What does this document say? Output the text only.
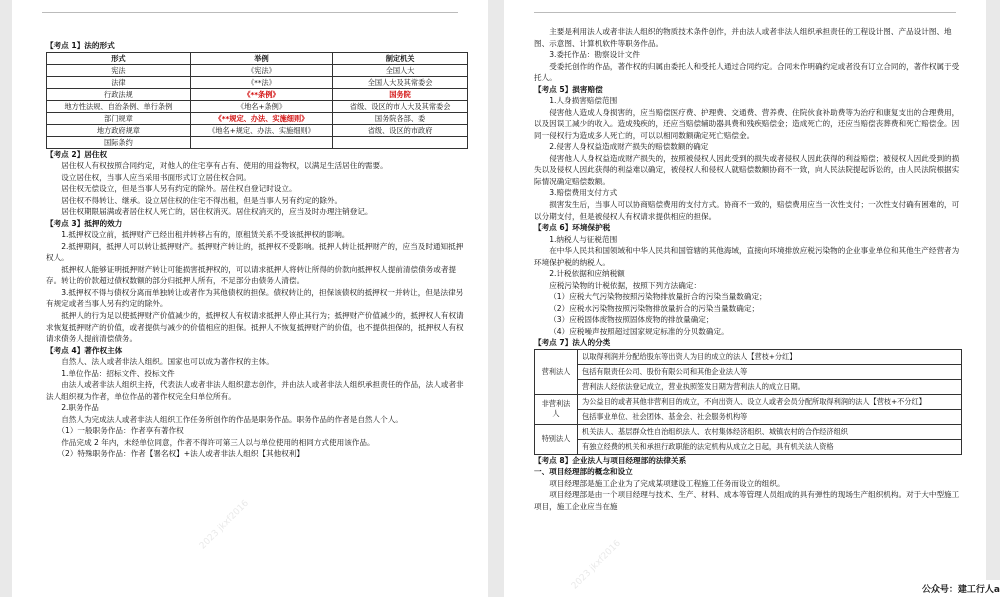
【考点 1】法的形式

形式	举例	制定机关
宪法	《宪法》	全国人大
法律	《**法》	全国人大及其常委会
行政法规	《**条例》	国务院
地方性法规、自治条例、单行条例	《地名+条例》	省级、设区的市人大及其常委会
部门规章	《**规定、办法、实施细则》	国务院各部、委
地方政府规章	《地名+规定、办法、实施细则》	省级、设区的市政府
国际条约		

【考点 2】居住权

居住权人有权按照合同约定，对他人的住宅享有占有、使用的用益物权，以满足生活居住的需要。

设立居住权，当事人应当采用书面形式订立居住权合同。

居住权无偿设立，但是当事人另有约定的除外。居住权自登记时设立。

居住权不得转让、继承。设立居住权的住宅不得出租，但是当事人另有约定的除外。

居住权期限届满或者居住权人死亡的，居住权消灭。居住权消灭的，应当及时办理注销登记。

【考点 3】抵押的效力

1.抵押权设立前，抵押财产已经出租并转移占有的，原租赁关系不受该抵押权的影响。

2.抵押期间，抵押人可以转让抵押财产。抵押财产转让的，抵押权不受影响。抵押人转让抵押财产的，应当及时通知抵押权人。

抵押权人能够证明抵押财产转让可能损害抵押权的，可以请求抵押人将转让所得的价款向抵押权人提前清偿债务或者提存。转让的价款超过债权数额的部分归抵押人所有，不足部分由债务人清偿。

3.抵押权不得与债权分离而单独转让或者作为其他债权的担保。债权转让的，担保该债权的抵押权一并转让，但是法律另有规定或者当事人另有约定的除外。

抵押人的行为足以使抵押财产价值减少的，抵押权人有权请求抵押人停止其行为；抵押财产价值减少的，抵押权人有权请求恢复抵押财产的价值，或者提供与减少的价值相应的担保。抵押人不恢复抵押财产的价值，也不提供担保的，抵押权人有权请求债务人提前清偿债务。

【考点 4】著作权主体

自然人、法人或者非法人组织。国家也可以成为著作权的主体。

1.单位作品：招标文件、投标文件

由法人或者非法人组织主持，代表法人或者非法人组织意志创作，并由法人或者非法人组织承担责任的作品，法人或者非法人组织视为作者，单位作品的著作权完全归单位所有。

2.职务作品

自然人为完成法人或者非法人组织工作任务所创作的作品是职务作品。职务作品的作者是自然人个人。

（1）一般职务作品：作者享有著作权

作品完成 2 年内，未经单位同意，作者不得许可第三人以与单位使用的相同方式使用该作品。

（2）特殊职务作品：作者【署名权】+法人或者非法人组织【其他权利】

2023 jkxf2016

主要是利用法人或者非法人组织的物质技术条件创作，并由法人或者非法人组织承担责任的工程设计图、产品设计图、地图、示意图、计算机软件等职务作品。

3.委托作品：勘察设计文件

受委托创作的作品，著作权的归属由委托人和受托人通过合同约定。合同未作明确约定或者没有订立合同的，著作权属于受托人。

【考点 5】损害赔偿

1.人身损害赔偿范围

侵害他人造成人身损害的，应当赔偿医疗费、护理费、交通费、营养费、住院伙食补助费等为治疗和康复支出的合理费用，以及因误工减少的收入。造成残疾的，还应当赔偿辅助器具费和残疾赔偿金；造成死亡的，还应当赔偿丧葬费和死亡赔偿金。因同一侵权行为造成多人死亡的，可以以相同数额确定死亡赔偿金。

2.侵害人身权益造成财产损失的赔偿数额的确定

侵害他人人身权益造成财产损失的，按照被侵权人因此受到的损失或者侵权人因此获得的利益赔偿；被侵权人因此受到的损失以及侵权人因此获得的利益难以确定，被侵权人和侵权人就赔偿数额协商不一致，向人民法院提起诉讼的，由人民法院根据实际情况确定赔偿数额。

3.赔偿费用支付方式

损害发生后，当事人可以协商赔偿费用的支付方式。协商不一致的，赔偿费用应当一次性支付；一次性支付确有困难的，可以分期支付，但是被侵权人有权请求提供相应的担保。

【考点 6】环境保护税

1.纳税人与征税范围

在中华人民共和国领域和中华人民共和国管辖的其他海域，直接向环境排放应税污染物的企业事业单位和其他生产经营者为环境保护税的纳税人。

2.计税依据和应纳税额

应税污染物的计税依据，按照下列方法确定：

（1）应税大气污染物按照污染物排放量折合的污染当量数确定；

（2）应税水污染物按照污染物排放量折合的污染当量数确定；

（3）应税固体废物按照固体废物的排放量确定；

（4）应税噪声按照超过国家规定标准的分贝数确定。

【考点 7】法人的分类

营利法人	以取得利润并分配给股东等出资人为目的成立的法人【营枝+分红】
	包括有限责任公司、股份有限公司和其他企业法人等
	营利法人经依法登记成立，营业执照签发日期为营利法人的成立日期。
非营利法人	为公益目的或者其他非营利目的成立，不向出资人、设立人或者会员分配所取得利润的法人【营枝+不分红】
	包括事业单位、社会团体、基金会、社会服务机构等
特别法人	机关法人、基层群众性自治组织法人、农村集体经济组织、城镇农村的合作经济组织
	有独立经费的机关和承担行政职能的法定机构从成立之日起，具有机关法人资格

【考点 8】企业法人与项目经理部的法律关系

一、项目经理部的概念和设立

项目经理部是施工企业为了完成某项建设工程施工任务而设立的组织。

项目经理部是由一个项目经理与技术、生产、材料、成本等管理人员组成的具有弹性的现场生产组织机构。对于大中型施工项目，施工企业应当在施

2023 jkxf2016	公众号：建工行人a
